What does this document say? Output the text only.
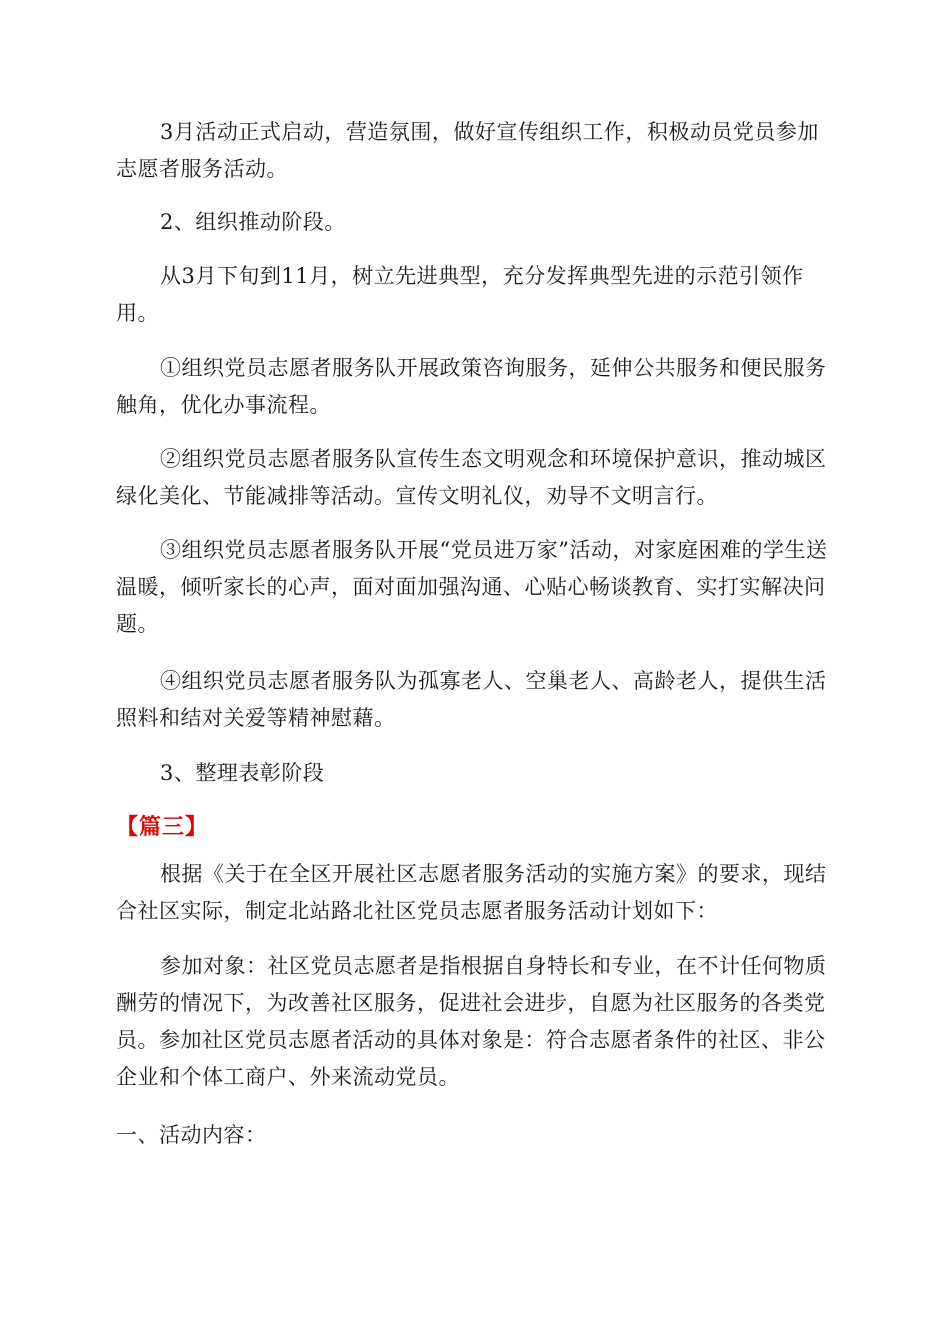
3月活动正式启动，营造氛围，做好宣传组织工作，积极动员党员参加志愿者服务活动。

2、组织推动阶段。

从3月下旬到11月，树立先进典型，充分发挥典型先进的示范引领作用。

①组织党员志愿者服务队开展政策咨询服务，延伸公共服务和便民服务触角，优化办事流程。

②组织党员志愿者服务队宣传生态文明观念和环境保护意识，推动城区绿化美化、节能减排等活动。宣传文明礼仪，劝导不文明言行。

③组织党员志愿者服务队开展“党员进万家”活动，对家庭困难的学生送温暖，倾听家长的心声，面对面加强沟通、心贴心畅谈教育、实打实解决问题。

④组织党员志愿者服务队为孤寡老人、空巢老人、高龄老人，提供生活照料和结对关爱等精神慰藉。

3、整理表彰阶段

【篇三】

根据《关于在全区开展社区志愿者服务活动的实施方案》的要求，现结合社区实际，制定北站路北社区党员志愿者服务活动计划如下：

参加对象：社区党员志愿者是指根据自身特长和专业，在不计任何物质酬劳的情况下，为改善社区服务，促进社会进步，自愿为社区服务的各类党员。参加社区党员志愿者活动的具体对象是：符合志愿者条件的社区、非公企业和个体工商户、外来流动党员。

一、活动内容：
